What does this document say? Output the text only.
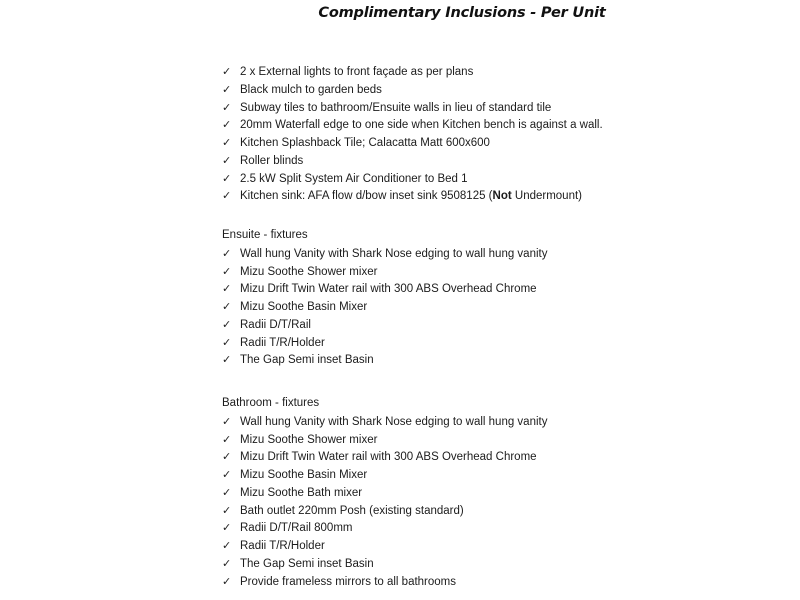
Complimentary Inclusions - Per Unit
✓ 2 x External lights to front façade as per plans
✓ Black mulch to garden beds
✓ Subway tiles to bathroom/Ensuite walls in lieu of standard tile
✓ 20mm Waterfall edge to one side when Kitchen bench is against a wall.
✓ Kitchen Splashback Tile; Calacatta Matt 600x600
✓ Roller blinds
✓ 2.5 kW Split System Air Conditioner to Bed 1
✓ Kitchen sink: AFA flow d/bow inset sink 9508125 (Not Undermount)
Ensuite - fixtures
✓ Wall hung Vanity with Shark Nose edging to wall hung vanity
✓ Mizu Soothe Shower mixer
✓ Mizu Drift Twin Water rail with 300 ABS Overhead Chrome
✓ Mizu Soothe Basin Mixer
✓ Radii D/T/Rail
✓ Radii T/R/Holder
✓ The Gap Semi inset Basin
Bathroom - fixtures
✓ Wall hung Vanity with Shark Nose edging to wall hung vanity
✓ Mizu Soothe Shower mixer
✓ Mizu Drift Twin Water rail with 300 ABS Overhead Chrome
✓ Mizu Soothe Basin Mixer
✓ Mizu Soothe Bath mixer
✓ Bath outlet 220mm Posh (existing standard)
✓ Radii D/T/Rail 800mm
✓ Radii T/R/Holder
✓ The Gap Semi inset Basin
✓ Provide frameless mirrors to all bathrooms
